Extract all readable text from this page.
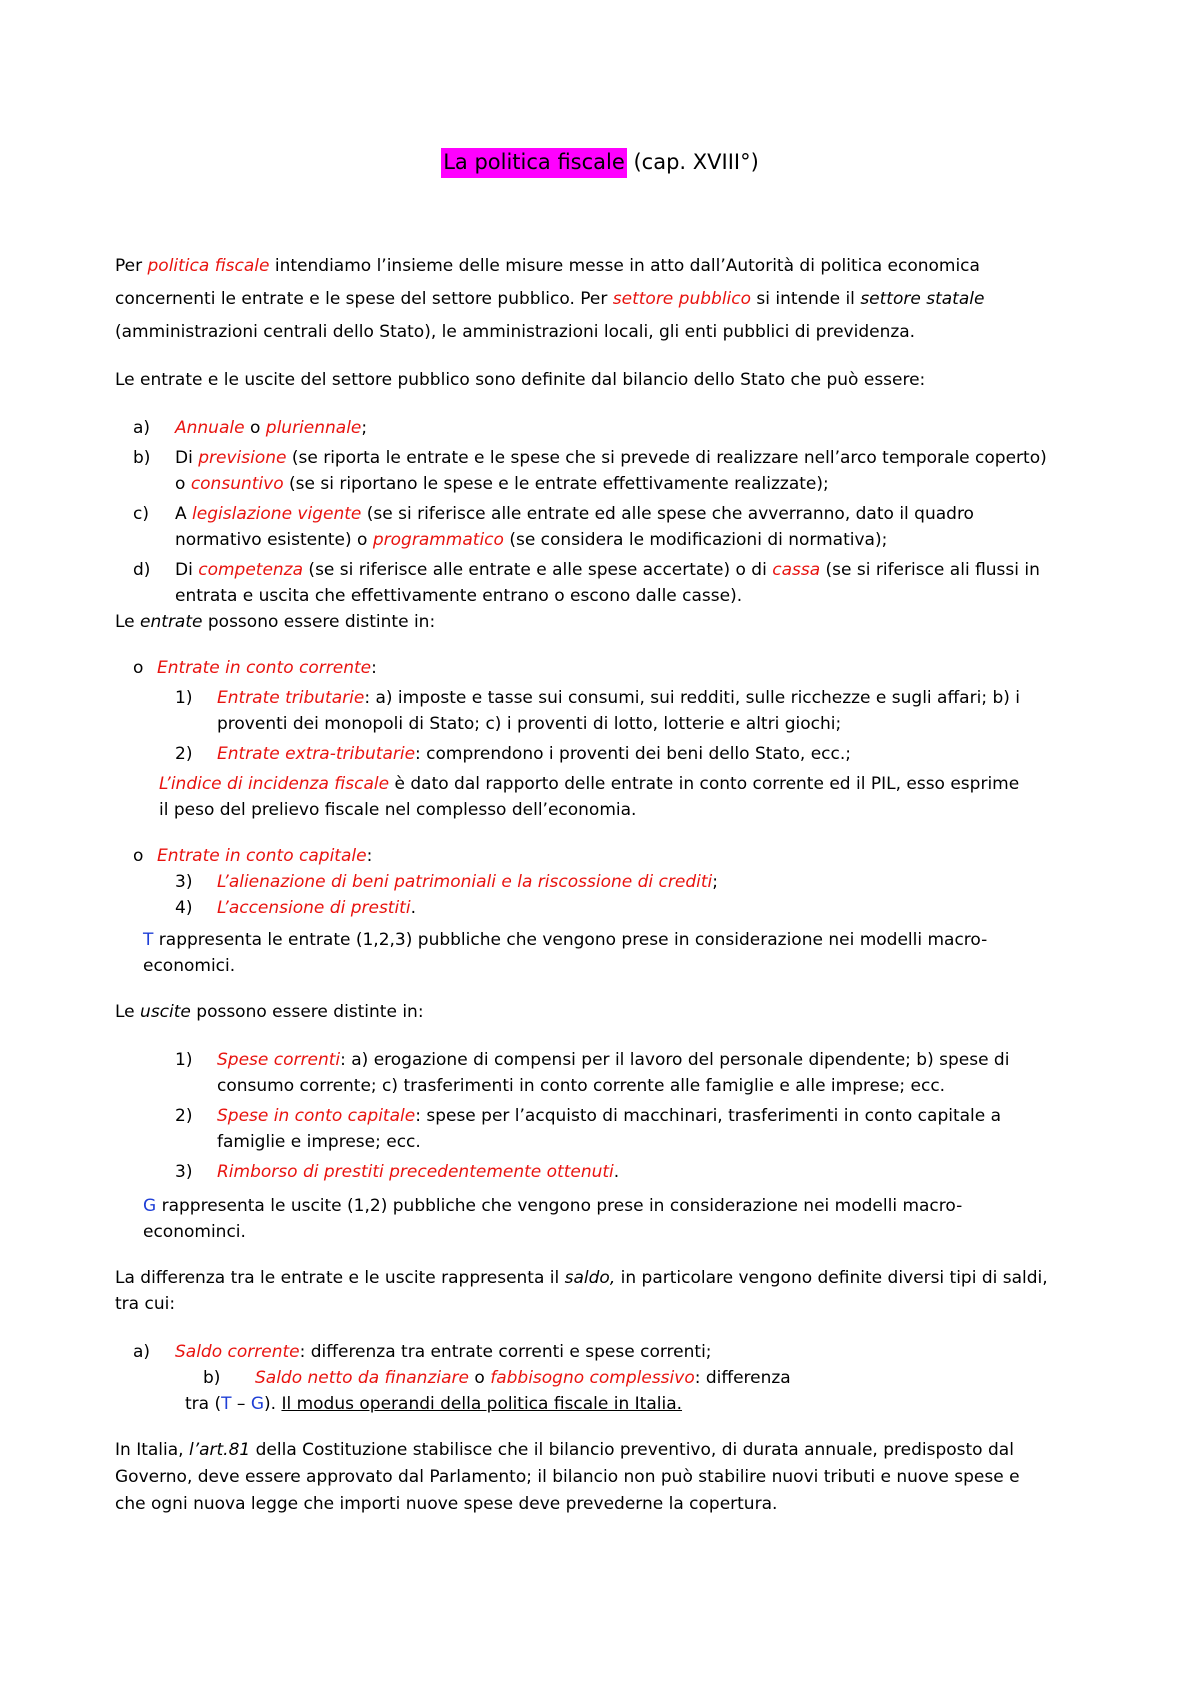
La politica fiscale (cap. XVIII°)

Per politica fiscale intendiamo l’insieme delle misure messe in atto dall’Autorità di politica economica
concernenti le entrate e le spese del settore pubblico. Per settore pubblico si intende il settore statale
(amministrazioni centrali dello Stato), le amministrazioni locali, gli enti pubblici di previdenza.

Le entrate e le uscite del settore pubblico sono definite dal bilancio dello Stato che può essere:

a)	Annuale o pluriennale;
b)	Di previsione (se riporta le entrate e le spese che si prevede di realizzare nell’arco temporale coperto)
o consuntivo (se si riportano le spese e le entrate effettivamente realizzate);
c)	A legislazione vigente (se si riferisce alle entrate ed alle spese che avverranno, dato il quadro
normativo esistente) o programmatico (se considera le modificazioni di normativa);
d)	Di competenza (se si riferisce alle entrate e alle spese accertate) o di cassa (se si riferisce ali flussi in
entrata e uscita che effettivamente entrano o escono dalle casse).

Le entrate possono essere distinte in:

o Entrate in conto corrente:
1)	Entrate tributarie: a) imposte e tasse sui consumi, sui redditi, sulle ricchezze e sugli affari; b) i
proventi dei monopoli di Stato; c) i proventi di lotto, lotterie e altri giochi;
2)	Entrate extra-tributarie: comprendono i proventi dei beni dello Stato, ecc.;

L’indice di incidenza fiscale è dato dal rapporto delle entrate in conto corrente ed il PIL, esso esprime
il peso del prelievo fiscale nel complesso dell’economia.

o Entrate in conto capitale:
3)	L’alienazione di beni patrimoniali e la riscossione di crediti;
4)	L’accensione di prestiti.

T rappresenta le entrate (1,2,3) pubbliche che vengono prese in considerazione nei modelli macro-
economici.

Le uscite possono essere distinte in:

1)	Spese correnti: a) erogazione di compensi per il lavoro del personale dipendente; b) spese di
consumo corrente; c) trasferimenti in conto corrente alle famiglie e alle imprese; ecc.
2)	Spese in conto capitale: spese per l’acquisto di macchinari, trasferimenti in conto capitale a
famiglie e imprese; ecc.
3)	Rimborso di prestiti precedentemente ottenuti.

G rappresenta le uscite (1,2) pubbliche che vengono prese in considerazione nei modelli macro-
econominci.

La differenza tra le entrate e le uscite rappresenta il saldo, in particolare vengono definite diversi tipi di saldi,
tra cui:

a)	Saldo corrente: differenza tra entrate correnti e spese correnti;
b)	Saldo netto da finanziare o fabbisogno complessivo: differenza

tra (T – G). Il modus operandi della politica fiscale in Italia.

In Italia, l’art.81 della Costituzione stabilisce che il bilancio preventivo, di durata annuale, predisposto dal
Governo, deve essere approvato dal Parlamento; il bilancio non può stabilire nuovi tributi e nuove spese e
che ogni nuova legge che importi nuove spese deve prevederne la copertura.
